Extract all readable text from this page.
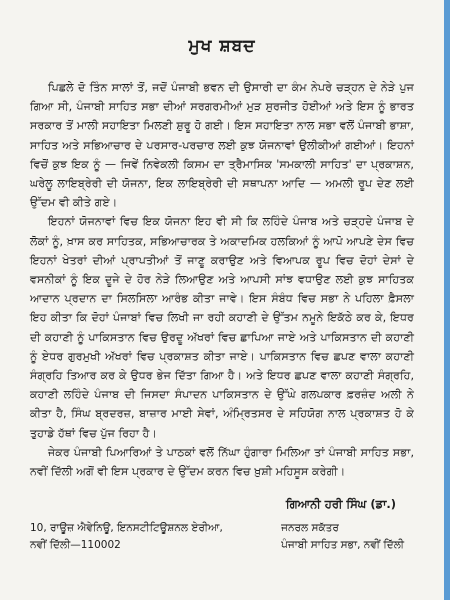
ਮੁਖ ਸ਼ਬਦ

ਪਿਛਲੇ ਦੋ ਤਿੰਨ ਸਾਲਾਂ ਤੋਂ, ਜਦੋਂ ਪੰਜਾਬੀ ਭਵਨ ਦੀ ਉਸਾਰੀ ਦਾ ਕੰਮ ਨੇਪਰੇ ਚੜ੍ਹਨ ਦੇ ਨੇੜੇ ਪੁਜ ਗਿਆ ਸੀ, ਪੰਜਾਬੀ ਸਾਹਿਤ ਸਭਾ ਦੀਆਂ ਸਰਗਰਮੀਆਂ ਮੁੜ ਸੁਰਜੀਤ ਹੋਈਆਂ ਅਤੇ ਇਸ ਨੂੰ ਭਾਰਤ ਸਰਕਾਰ ਤੋਂ ਮਾਲੀ ਸਹਾਇਤਾ ਮਿਲਣੀ ਸ਼ੁਰੂ ਹੋ ਗਈ। ਇਸ ਸਹਾਇਤਾ ਨਾਲ ਸਭਾ ਵਲੋਂ ਪੰਜਾਬੀ ਭਾਸ਼ਾ, ਸਾਹਿਤ ਅਤੇ ਸਭਿਆਚਾਰ ਦੇ ਪਰਸਾਰ-ਪਰਚਾਰ ਲਈ ਕੁਝ ਯੋਜਨਾਵਾਂ ਉਲੀਕੀਆਂ ਗਈਆਂ। ਇਹਨਾਂ ਵਿਚੋਂ ਕੁਝ ਇਕ ਨੂੰ — ਜਿਵੇਂ ਨਿਵੇਕਲੀ ਕਿਸਮ ਦਾ ਤ੍ਰੈਮਾਸਿਕ 'ਸਮਕਾਲੀ ਸਾਹਿਤ' ਦਾ ਪ੍ਰਕਾਸ਼ਨ, ਘਰੇਲੂ ਲਾਇਬ੍ਰੇਰੀ ਦੀ ਯੋਜਨਾ, ਇਕ ਲਾਇਬ੍ਰੇਰੀ ਦੀ ਸਥਾਪਨਾ ਆਦਿ — ਅਮਲੀ ਰੂਪ ਦੇਣ ਲਈ ਉੱਦਮ ਵੀ ਕੀਤੇ ਗਏ।

ਇਹਨਾਂ ਯੋਜਨਾਵਾਂ ਵਿਚ ਇਕ ਯੋਜਨਾ ਇਹ ਵੀ ਸੀ ਕਿ ਲਹਿੰਦੇ ਪੰਜਾਬ ਅਤੇ ਚੜ੍ਹਦੇ ਪੰਜਾਬ ਦੇ ਲੋਕਾਂ ਨੂੰ, ਖ਼ਾਸ ਕਰ ਸਾਹਿਤਕ, ਸਭਿਆਚਾਰਕ ਤੇ ਅਕਾਦਮਿਕ ਹਲਕਿਆਂ ਨੂੰ ਆਪੋ ਆਪਣੇ ਦੇਸ ਵਿਚ ਇਹਨਾਂ ਖੇਤਰਾਂ ਦੀਆਂ ਪ੍ਰਾਪਤੀਆਂ ਤੋਂ ਜਾਣੂ ਕਰਾਉਣ ਅਤੇ ਵਿਆਪਕ ਰੂਪ ਵਿਚ ਦੋਹਾਂ ਦੇਸਾਂ ਦੇ ਵਸਨੀਕਾਂ ਨੂੰ ਇਕ ਦੂਜੇ ਦੇ ਹੋਰ ਨੇੜੇ ਲਿਆਉਣ ਅਤੇ ਆਪਸੀ ਸਾਂਝ ਵਧਾਉਣ ਲਈ ਕੁਝ ਸਾਹਿਤਕ ਆਦਾਨ ਪ੍ਰਦਾਨ ਦਾ ਸਿਲਸਿਲਾ ਆਰੰਭ ਕੀਤਾ ਜਾਵੇ। ਇਸ ਸੰਬੰਧ ਵਿਚ ਸਭਾ ਨੇ ਪਹਿਲਾ ਫ਼ੈਸਲਾ ਇਹ ਕੀਤਾ ਕਿ ਦੋਹਾਂ ਪੰਜਾਬਾਂ ਵਿਚ ਲਿਖੀ ਜਾ ਰਹੀ ਕਹਾਣੀ ਦੇ ਉੱਤਮ ਨਮੂਨੇ ਇਕੱਠੇ ਕਰ ਕੇ, ਇਧਰ ਦੀ ਕਹਾਣੀ ਨੂੰ ਪਾਕਿਸਤਾਨ ਵਿਚ ਉਰਦੂ ਅੱਖਰਾਂ ਵਿਚ ਛਾਪਿਆ ਜਾਏ ਅਤੇ ਪਾਕਿਸਤਾਨ ਦੀ ਕਹਾਣੀ ਨੂੰ ਏਧਰ ਗੁਰਮੁਖੀ ਅੱਖਰਾਂ ਵਿਚ ਪ੍ਰਕਾਸ਼ਤ ਕੀਤਾ ਜਾਏ। ਪਾਕਿਸਤਾਨ ਵਿਚ ਛਪਣ ਵਾਲਾ ਕਹਾਣੀ ਸੰਗ੍ਰਹਿ ਤਿਆਰ ਕਰ ਕੇ ਉਧਰ ਭੇਜ ਦਿੱਤਾ ਗਿਆ ਹੈ। ਅਤੇ ਇਧਰ ਛਪਣ ਵਾਲਾ ਕਹਾਣੀ ਸੰਗ੍ਰਹਿ, ਕਹਾਣੀ ਲਹਿੰਦੇ ਪੰਜਾਬ ਦੀ ਜਿਸਦਾ ਸੰਪਾਦਨ ਪਾਕਿਸਤਾਨ ਦੇ ਉੱਘੇ ਗਲਪਕਾਰ ਫ਼ਰਜ਼ੰਦ ਅਲੀ ਨੇ ਕੀਤਾ ਹੈ, ਸਿੰਘ ਬ੍ਰਦਰਜ਼, ਬਾਜ਼ਾਰ ਮਾਈ ਸੇਵਾਂ, ਅੰਮ੍ਰਿਤਸਰ ਦੇ ਸਹਿਯੋਗ ਨਾਲ ਪ੍ਰਕਾਸ਼ਤ ਹੋ ਕੇ ਤੁਹਾਡੇ ਹੱਥਾਂ ਵਿਚ ਪੁੱਜ ਰਿਹਾ ਹੈ।

ਜੇਕਰ ਪੰਜਾਬੀ ਪਿਆਰਿਆਂ ਤੇ ਪਾਠਕਾਂ ਵਲੋਂ ਨਿੱਘਾ ਹੁੰਗਾਰਾ ਮਿਲਿਆ ਤਾਂ ਪੰਜਾਬੀ ਸਾਹਿਤ ਸਭਾ, ਨਵੀਂ ਦਿੱਲੀ ਅਗੋਂ ਵੀ ਇਸ ਪ੍ਰਕਾਰ ਦੇ ਉੱਦਮ ਕਰਨ ਵਿਚ ਖ਼ੁਸ਼ੀ ਮਹਿਸੂਸ ਕਰੇਗੀ।

ਗਿਆਨੀ ਹਰੀ ਸਿੰਘ (ਡਾ.)
10, ਰਾਊਜ਼ ਐਵੇਨਿਊ, ਇਨਸਟੀਟਿਊਸ਼ਨਲ ਏਰੀਆ,
ਨਵੀਂ ਦਿੱਲੀ—110002
ਜਨਰਲ ਸਕੱਤਰ
ਪੰਜਾਬੀ ਸਾਹਿਤ ਸਭਾ, ਨਵੀਂ ਦਿੱਲੀ
